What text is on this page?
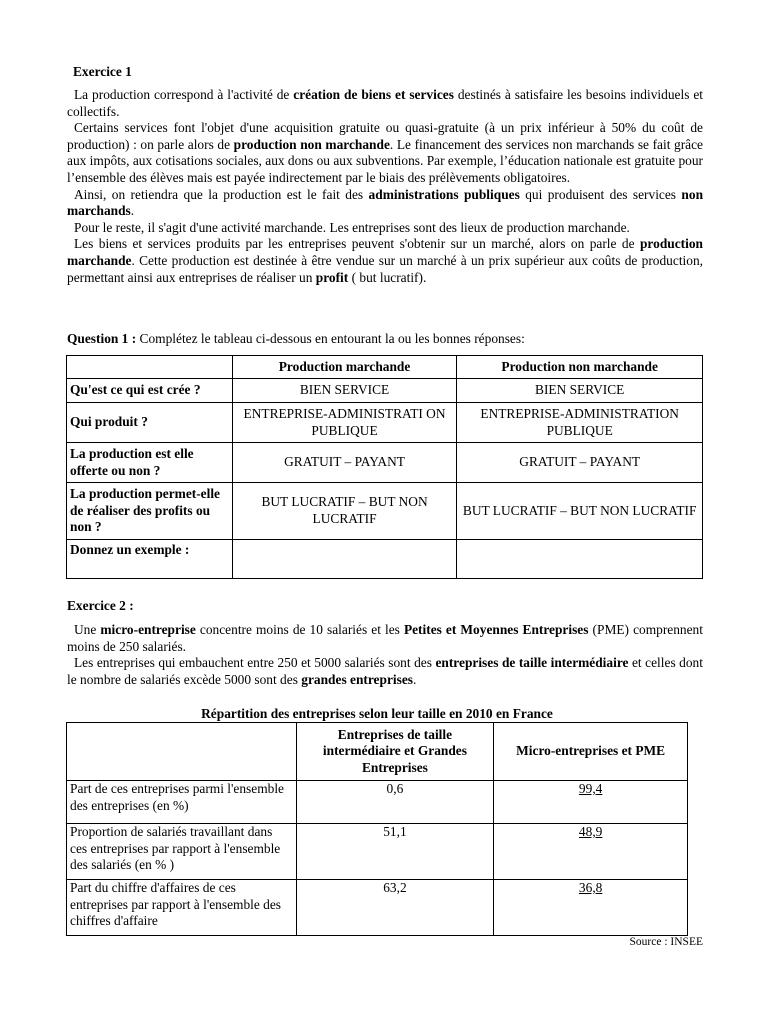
Exercice 1

La production correspond à l'activité de création de biens et services destinés à satisfaire les besoins individuels et collectifs.

Certains services font l'objet d'une acquisition gratuite ou quasi-gratuite (à un prix inférieur à 50% du coût de production) : on parle alors de production non marchande. Le financement des services non marchands se fait grâce aux impôts, aux cotisations sociales, aux dons ou aux subventions. Par exemple, l’éducation nationale est gratuite pour l’ensemble des élèves mais est payée indirectement par le biais des prélèvements obligatoires.

Ainsi, on retiendra que la production est le fait des administrations publiques qui produisent des services non marchands.

Pour le reste, il s'agit d'une activité marchande. Les entreprises sont des lieux de production marchande.

Les biens et services produits par les entreprises peuvent s'obtenir sur un marché, alors on parle de production marchande. Cette production est destinée à être vendue sur un marché à un prix supérieur aux coûts de production, permettant ainsi aux entreprises de réaliser un profit ( but lucratif).

Question 1 : Complétez le tableau ci-dessous en entourant la ou les bonnes réponses:
	Production marchande	Production non marchande
Qu'est ce qui est crée ?	BIEN SERVICE	BIEN SERVICE
Qui produit ?	ENTREPRISE-ADMINISTRATI ON PUBLIQUE	ENTREPRISE-ADMINISTRATION PUBLIQUE
La production est elle offerte ou non ?	GRATUIT – PAYANT	GRATUIT – PAYANT
La production permet-elle de réaliser des profits ou non ?	BUT LUCRATIF – BUT NON LUCRATIF	BUT LUCRATIF – BUT NON LUCRATIF
Donnez un exemple :		
Exercice 2 :

Une micro-entreprise concentre moins de 10 salariés et les Petites et Moyennes Entreprises (PME) comprennent moins de 250 salariés.

Les entreprises qui embauchent entre 250 et 5000 salariés sont des entreprises de taille intermédiaire et celles dont le nombre de salariés excède 5000 sont des grandes entreprises.

Répartition des entreprises selon leur taille en 2010 en France
	Entreprises de taille intermédiaire et Grandes Entreprises	Micro-entreprises et PME
Part de ces entreprises parmi l'ensemble des entreprises (en %)	0,6	99,4
Proportion de salariés travaillant dans ces entreprises par rapport à l'ensemble des salariés (en % )	51,1	48,9
Part du chiffre d'affaires de ces entreprises par rapport à l'ensemble des chiffres d'affaire	63,2	36,8
Source : INSEE
